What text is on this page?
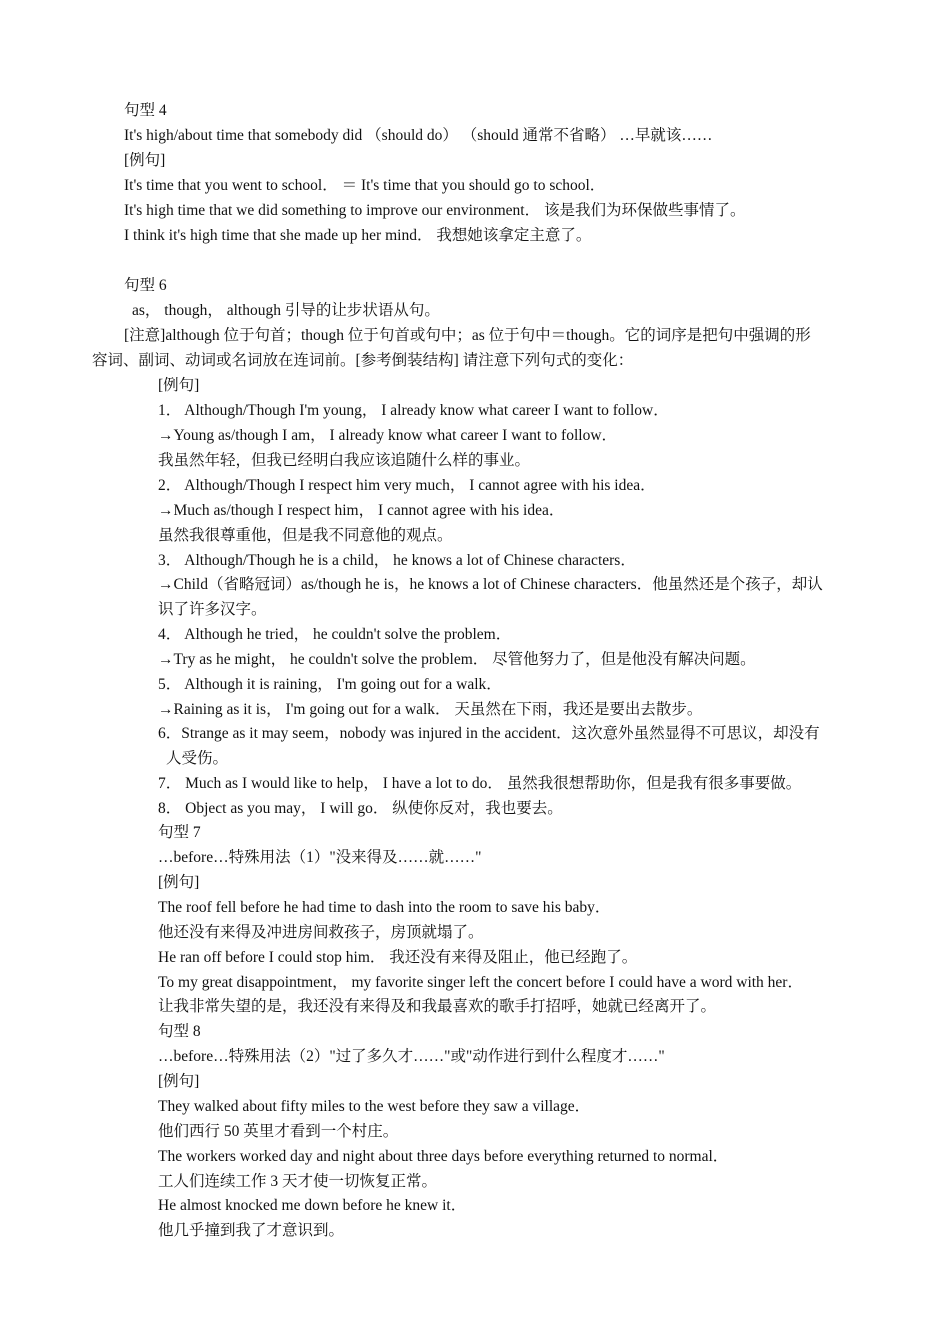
句型 4
It's high/about time that somebody did （should do） （should 通常不省略） …早就该……
[例句]
It's time that you went to school． ＝ It's time that you should go to school．
It's high time that we did something to improve our environment． 该是我们为环保做些事情了。
I think it's high time that she made up her mind． 我想她该拿定主意了。
句型 6
as， though， although 引导的让步状语从句。
[注意]although 位于句首；though 位于句首或句中；as 位于句中＝though。它的词序是把句中强调的形
容词、副词、动词或名词放在连词前。[参考倒装结构] 请注意下列句式的变化：
[例句]
1． Although/Though I'm young， I already know what career I want to follow．
→Young as/though I am， I already know what career I want to follow．
我虽然年轻，但我已经明白我应该追随什么样的事业。
2． Although/Though I respect him very much， I cannot agree with his idea．
→Much as/though I respect him， I cannot agree with his idea．
虽然我很尊重他，但是我不同意他的观点。
3． Although/Though he is a child， he knows a lot of Chinese characters．
→Child（省略冠词）as/though he is，he knows a lot of Chinese characters．他虽然还是个孩子，却认
识了许多汉字。
4． Although he tried， he couldn't solve the problem．
→Try as he might， he couldn't solve the problem． 尽管他努力了，但是他没有解决问题。
5． Although it is raining， I'm going out for a walk．
→Raining as it is， I'm going out for a walk． 天虽然在下雨，我还是要出去散步。
6．Strange as it may seem，nobody was injured in the accident．这次意外虽然显得不可思议，却没有
人受伤。
7． Much as I would like to help， I have a lot to do． 虽然我很想帮助你，但是我有很多事要做。
8． Object as you may， I will go． 纵使你反对，我也要去。
句型 7
…before…特殊用法（1）"没来得及……就……"
[例句]
The roof fell before he had time to dash into the room to save his baby．
他还没有来得及冲进房间救孩子，房顶就塌了。
He ran off before I could stop him． 我还没有来得及阻止，他已经跑了。
To my great disappointment， my favorite singer left the concert before I could have a word with her．
让我非常失望的是，我还没有来得及和我最喜欢的歌手打招呼，她就已经离开了。
句型 8
…before…特殊用法（2）"过了多久才……"或"动作进行到什么程度才……"
[例句]
They walked about fifty miles to the west before they saw a village．
他们西行 50 英里才看到一个村庄。
The workers worked day and night about three days before everything returned to normal．
工人们连续工作 3 天才使一切恢复正常。
He almost knocked me down before he knew it．
他几乎撞到我了才意识到。
